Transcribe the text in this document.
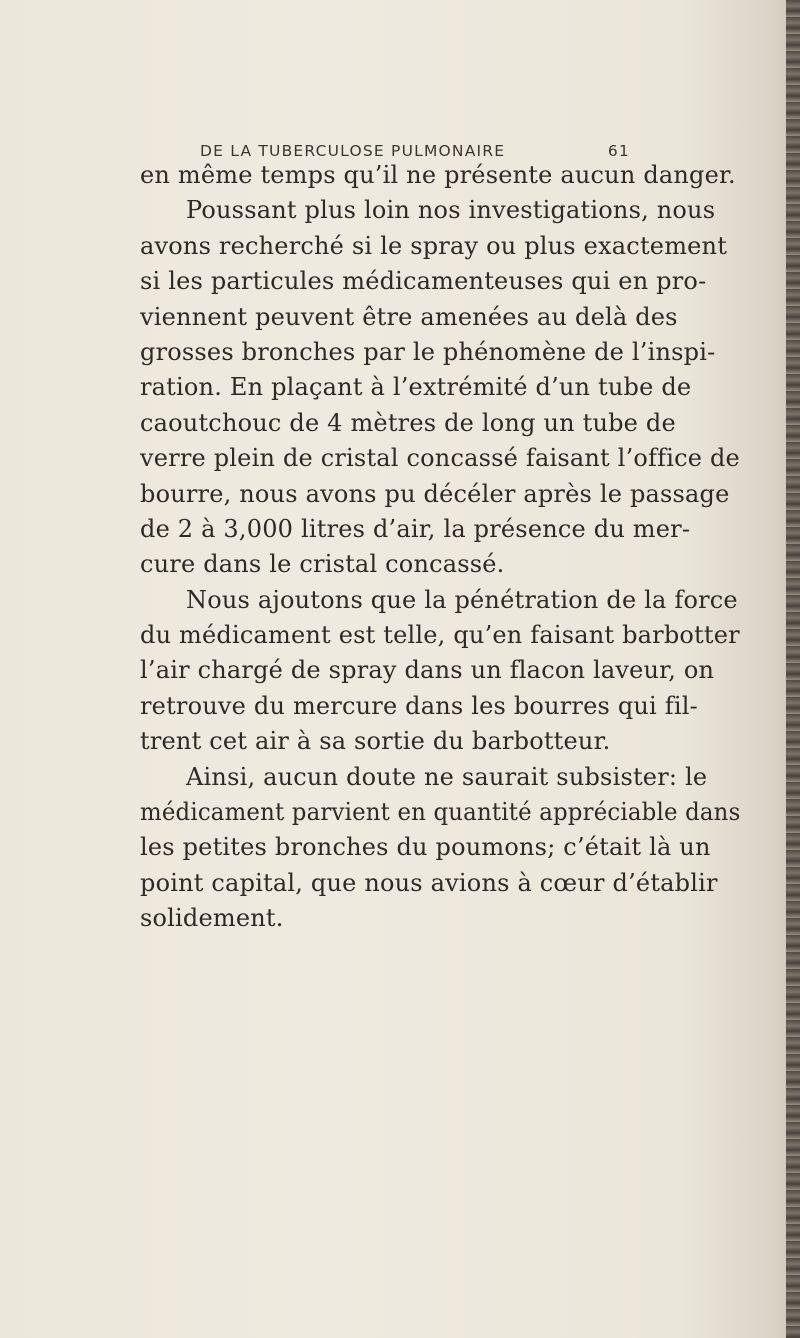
DE LA TUBERCULOSE PULMONAIRE	61
en même temps qu’il ne présente aucun danger.
Poussant plus loin nos investigations, nous
avons recherché si le spray ou plus exactement
si les particules médicamenteuses qui en pro-
viennent peuvent être amenées au delà des
grosses bronches par le phénomène de l’inspi-
ration. En plaçant à l’extrémité d’un tube de
caoutchouc de 4 mètres de long un tube de
verre plein de cristal concassé faisant l’office de
bourre, nous avons pu décéler après le passage
de 2 à 3,000 litres d’air, la présence du mer-
cure dans le cristal concassé.
Nous ajoutons que la pénétration de la force
du médicament est telle, qu’en faisant barbotter
l’air chargé de spray dans un flacon laveur, on
retrouve du mercure dans les bourres qui fil-
trent cet air à sa sortie du barbotteur.
Ainsi, aucun doute ne saurait subsister: le
médicament parvient en quantité appréciable dans
les petites bronches du poumons; c’était là un
point capital, que nous avions à cœur d’établir
solidement.
